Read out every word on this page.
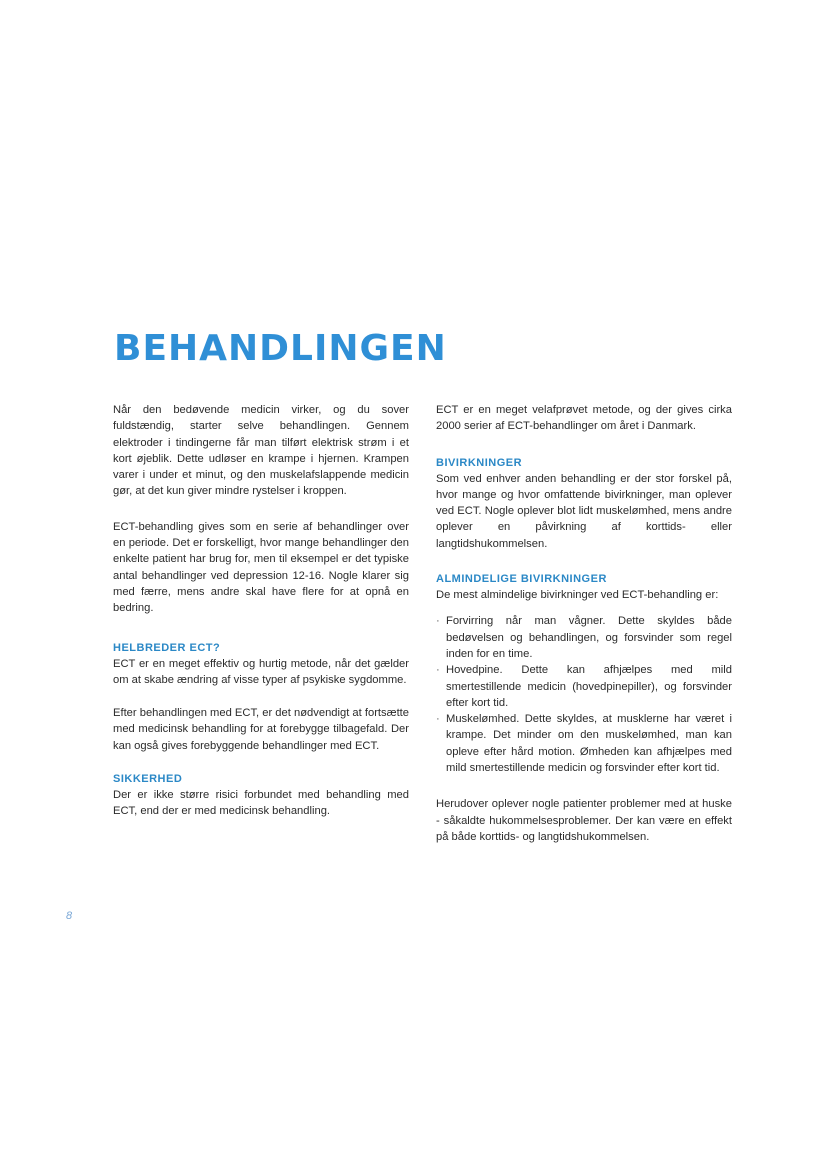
BEHANDLINGEN

Når den bedøvende medicin virker, og du sover fuldstændig, starter selve behandlingen. Gennem elektroder i tindingerne får man tilført elektrisk strøm i et kort øjeblik. Dette udløser en krampe i hjernen. Krampen varer i under et minut, og den muskelafslappende medicin gør, at det kun giver mindre rystelser i kroppen.

ECT-behandling gives som en serie af behandlinger over en periode. Det er forskelligt, hvor mange behandlinger den enkelte patient har brug for, men til eksempel er det typiske antal behandlinger ved depression 12-16. Nogle klarer sig med færre, mens andre skal have flere for at opnå en bedring.

HELBREDER ECT?

ECT er en meget effektiv og hurtig metode, når det gælder om at skabe ændring af visse typer af psykiske sygdomme.

Efter behandlingen med ECT, er det nødvendigt at fortsætte med medicinsk behandling for at forebygge tilbagefald. Der kan også gives forebyggende behandlinger med ECT.

SIKKERHED

Der er ikke større risici forbundet med behandling med ECT, end der er med medicinsk behandling.

ECT er en meget velafprøvet metode, og der gives cirka 2000 serier af ECT-behandlinger om året i Danmark.

BIVIRKNINGER

Som ved enhver anden behandling er der stor forskel på, hvor mange og hvor omfattende bivirkninger, man oplever ved ECT. Nogle oplever blot lidt muskelømhed, mens andre oplever en påvirkning af korttids- eller langtidshukommelsen.

ALMINDELIGE BIVIRKNINGER

De mest almindelige bivirkninger ved ECT-behandling er:

· Forvirring når man vågner. Dette skyldes både bedøvelsen og behandlingen, og forsvinder som regel inden for en time.
· Hovedpine. Dette kan afhjælpes med mild smertestillende medicin (hovedpinepiller), og forsvinder efter kort tid.
· Muskelømhed. Dette skyldes, at musklerne har været i krampe. Det minder om den muskelømhed, man kan opleve efter hård motion. Ømheden kan afhjælpes med mild smertestillende medicin og forsvinder efter kort tid.

Herudover oplever nogle patienter problemer med at huske - såkaldte hukommelsesproblemer. Der kan være en effekt på både korttids- og langtidshukommelsen.

8
